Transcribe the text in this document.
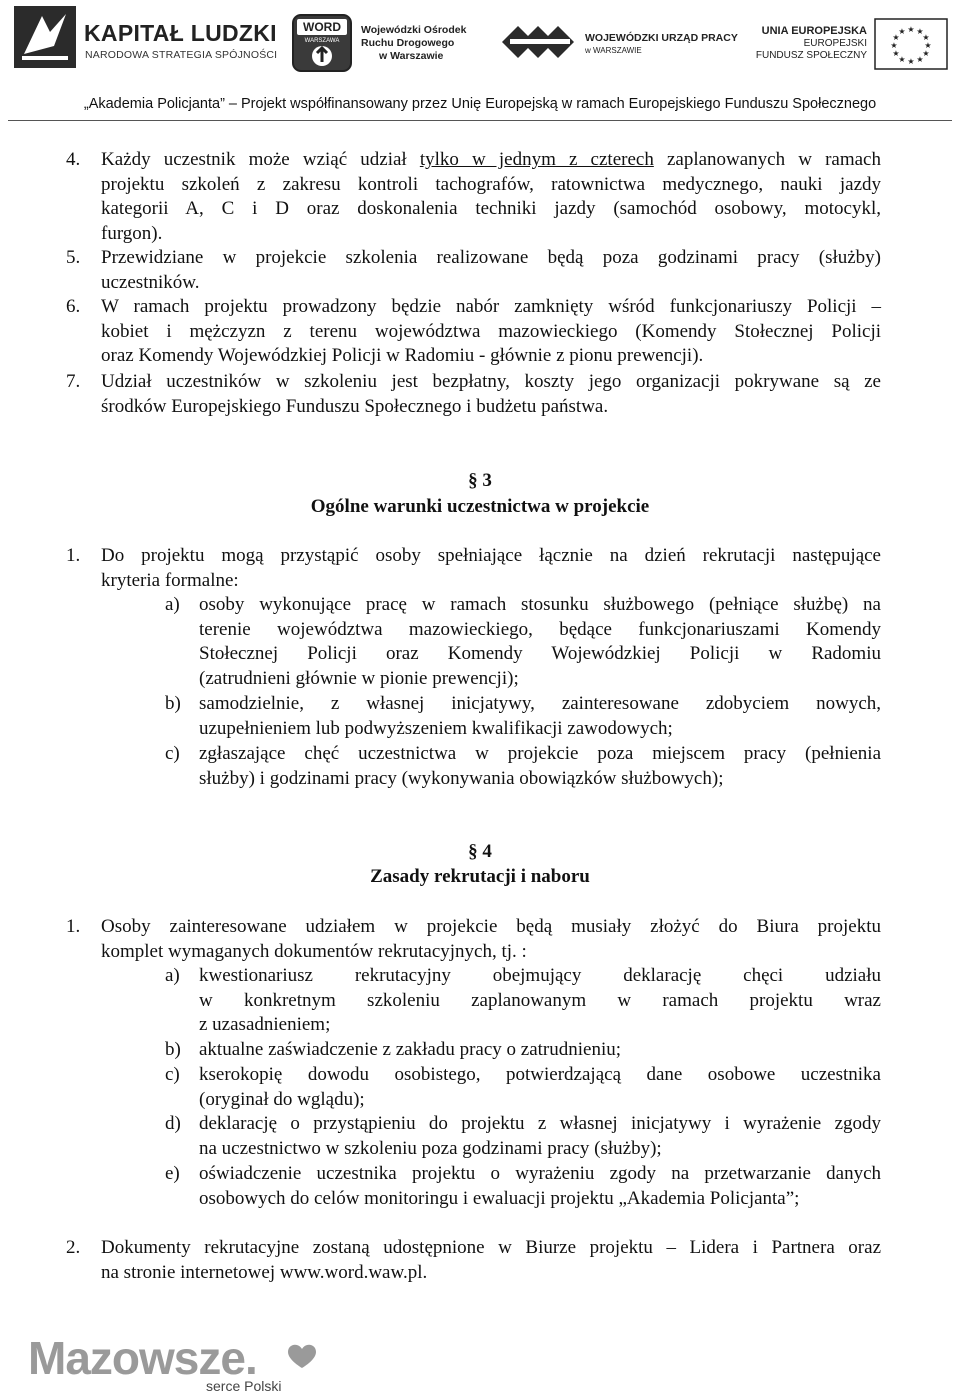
KAPITAŁ LUDZKI
NARODOWA STRATEGIA SPÓJNOŚCI
WORD
WARSZAWA
Wojewódzki Ośrodek
Ruchu Drogowego
w Warszawie
WOJEWÓDZKI URZĄD PRACY
w WARSZAWIE
UNIA EUROPEJSKA
EUROPEJSKI
FUNDUSZ SPOŁECZNY
★ ★
★
★
★
★
★
★
★
★
★
★
„Akademia Policjanta” – Projekt współfinansowany przez Unię Europejską w ramach Europejskiego Funduszu Społecznego
4. Każdy uczestnik może wziąć udział tylko w jednym z czterech zaplanowanych w ramach
projektu szkoleń z zakresu kontroli tachografów, ratownictwa medycznego, nauki jazdy
kategorii A, C i D oraz doskonalenia techniki jazdy (samochód osobowy, motocykl,
furgon).
5. Przewidziane w projekcie szkolenia realizowane będą poza godzinami pracy (służby)
uczestników.
6. W ramach projektu prowadzony będzie nabór zamknięty wśród funkcjonariuszy Policji –
kobiet i mężczyzn z terenu województwa mazowieckiego (Komendy Stołecznej Policji
oraz Komendy Wojewódzkiej Policji w Radomiu - głównie z pionu prewencji).
7. Udział uczestników w szkoleniu jest bezpłatny, koszty jego organizacji pokrywane są ze
środków Europejskiego Funduszu Społecznego i budżetu państwa.
§ 3
Ogólne warunki uczestnictwa w projekcie
1. Do projektu mogą przystąpić osoby spełniające łącznie na dzień rekrutacji następujące
kryteria formalne:
a) osoby wykonujące pracę w ramach stosunku służbowego (pełniące służbę) na
terenie województwa mazowieckiego, będące funkcjonariuszami Komendy
Stołecznej Policji oraz Komendy Wojewódzkiej Policji w Radomiu
(zatrudnieni głównie w pionie prewencji);
b) samodzielnie, z własnej inicjatywy, zainteresowane zdobyciem nowych,
uzupełnieniem lub podwyższeniem kwalifikacji zawodowych;
c) zgłaszające chęć uczestnictwa w projekcie poza miejscem pracy (pełnienia
służby) i godzinami pracy (wykonywania obowiązków służbowych);
§ 4
Zasady rekrutacji i naboru
1. Osoby zainteresowane udziałem w projekcie będą musiały złożyć do Biura projektu
komplet wymaganych dokumentów rekrutacyjnych, tj. :
a) kwestionariusz rekrutacyjny obejmujący deklarację chęci udziału
w konkretnym szkoleniu zaplanowanym w ramach projektu wraz
z uzasadnieniem;
b) aktualne zaświadczenie z zakładu pracy o zatrudnieniu;
c) kserokopię dowodu osobistego, potwierdzającą dane osobowe uczestnika
(oryginał do wglądu);
d) deklarację o przystąpieniu do projektu z własnej inicjatywy i wyrażenie zgody
na uczestnictwo w szkoleniu poza godzinami pracy (służby);
e) oświadczenie uczestnika projektu o wyrażeniu zgody na przetwarzanie danych
osobowych do celów monitoringu i ewaluacji projektu „Akademia Policjanta”;
2. Dokumenty rekrutacyjne zostaną udostępnione w Biurze projektu – Lidera i Partnera oraz
na stronie internetowej www.word.waw.pl.
Mazowsze.
serce Polski
